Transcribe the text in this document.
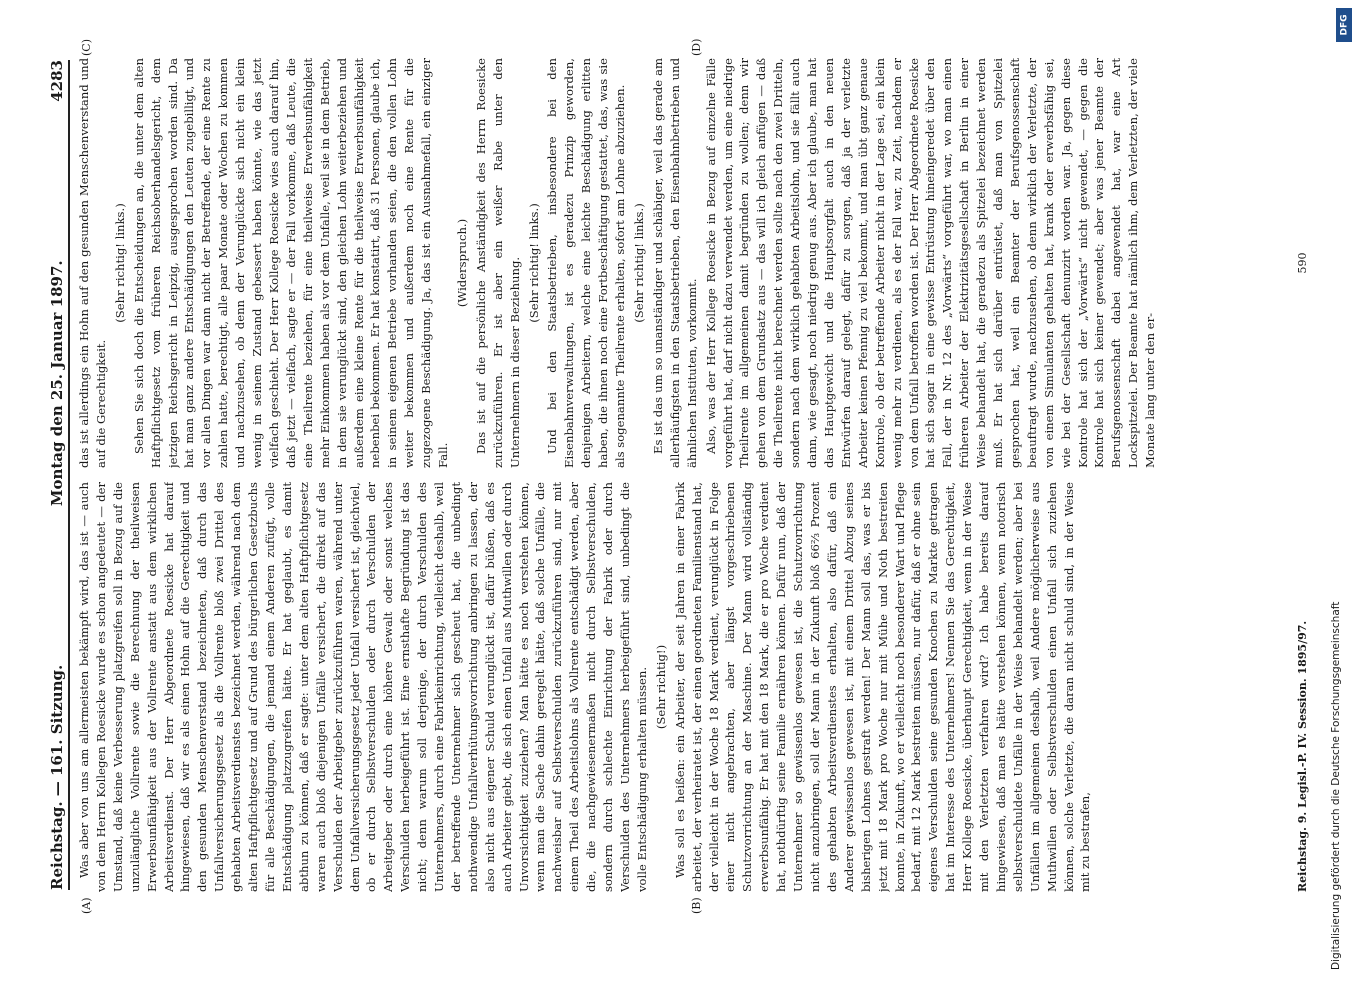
DFG
Reichstag. — 161. Sitzung.
Montag den 25. Januar 1897.
4283
(A)	(B)
(C)	(D)

Was aber von uns am allermeisten bekämpft wird, das ist — auch von dem Herrn Kollegen Roesicke wurde es schon angedeutet — der Umstand, daß keine Verbesserung platzgreifen soll in Bezug auf die unzulängliche Vollrente sowie die Berechnung der theilweisen Erwerbsunfähigkeit aus der Vollrente anstatt aus dem wirklichen Arbeitsverdienst. Der Herr Abgeordnete Roesicke hat darauf hingewiesen, daß wir es als einen Hohn auf die Gerechtigkeit und den gesunden Menschenverstand bezeichneten, daß durch das Unfallversicherungsgesetz als die Vollrente bloß zwei Drittel des gehabten Arbeitsverdienstes bezeichnet werden, während nach dem alten Haftpflichtgesetz und auf Grund des bürgerlichen Gesetzbuchs für alle Beschädigungen, die jemand einem Anderen zufügt, volle Entschädigung platzzugreifen hätte. Er hat geglaubt, es damit abthun zu können, daß er sagte: unter dem alten Haftpflichtgesetz waren auch bloß diejenigen Unfälle versichert, die direkt auf das Verschulden der Arbeitgeber zurückzuführen waren, während unter dem Unfallversicherungsgesetz jeder Unfall versichert ist, gleichviel, ob er durch Selbstverschulden oder durch Verschulden der Arbeitgeber oder durch eine höhere Gewalt oder sonst welches Verschulden herbeigeführt ist. Eine ernsthafte Begründung ist das nicht; denn warum soll derjenige, der durch Verschulden des Unternehmers, durch eine Fabrikeinrichtung, vielleicht deshalb, weil der betreffende Unternehmer sich gescheut hat, die unbedingt nothwendige Unfallverhütungsvorrichtung anbringen zu lassen, der also nicht aus eigener Schuld verunglückt ist, dafür büßen, daß es auch Arbeiter giebt, die sich einen Unfall aus Muthwillen oder durch Unvorsichtigkeit zuziehen? Man hätte es noch verstehen können, wenn man die Sache dahin geregelt hätte, daß solche Unfälle, die nachweisbar auf Selbstverschulden zurückzuführen sind, nur mit einem Theil des Arbeitslohns als Vollrente entschädigt werden, aber die, die nachgewiesenermaßen nicht durch Selbstverschulden, sondern durch schlechte Einrichtung der Fabrik oder durch Verschulden des Unternehmers herbeigeführt sind, unbedingt die volle Entschädigung erhalten müssen. (Sehr richtig!) Was soll es heißen: ein Arbeiter, der seit Jahren in einer Fabrik arbeitet, der verheiratet ist, der einen geordneten Familienstand hat, der vielleicht in der Woche 18 Mark verdient, verunglückt in Folge einer nicht angebrachten, aber längst vorgeschriebenen Schutzvorrichtung an der Maschine. Der Mann wird vollständig erwerbsunfähig. Er hat mit den 18 Mark, die er pro Woche verdient hat, nothdürftig seine Familie ernähren können. Dafür nun, daß der Unternehmer so gewissenlos gewesen ist, die Schutzvorrichtung nicht anzubringen, soll der Mann in der Zukunft bloß 66⅔ Prozent des gehabten Arbeitsverdienstes erhalten, also dafür, daß ein Anderer gewissenlos gewesen ist, mit einem Drittel Abzug seines bisherigen Lohnes gestraft werden! Der Mann soll das, was er bis jetzt mit 18 Mark pro Woche nur mit Mühe und Noth bestreiten konnte, in Zukunft, wo er vielleicht noch besonderer Wart und Pflege bedarf, mit 12 Mark bestreiten müssen, nur dafür, daß er ohne sein eigenes Verschulden seine gesunden Knochen zu Markte getragen hat im Interesse des Unternehmers! Nennen Sie das Gerechtigkeit, Herr Kollege Roesicke, überhaupt Gerechtigkeit, wenn in der Weise mit den Verletzten verfahren wird? Ich habe bereits darauf hingewiesen, daß man es hätte verstehen können, wenn notorisch selbstverschuldete Unfälle in der Weise behandelt werden; aber bei Unfällen im allgemeinen deshalb, weil Andere möglicherweise aus Muthwillen oder Selbstverschulden einen Unfall sich zuziehen können, solche Verletzte, die daran nicht schuld sind, in der Weise mit zu bestrafen,

das ist allerdings ein Hohn auf den gesunden Menschenverstand und auf die Gerechtigkeit.

(Sehr richtig! links.) Sehen Sie sich doch die Entscheidungen an, die unter dem alten Haftpflichtgesetz vom früheren Reichsoberhandelsgericht, dem jetzigen Reichsgericht in Leipzig, ausgesprochen worden sind. Da hat man ganz andere Entschädigungen den Leuten zugebilligt, und vor allen Dingen war dann nicht der Betreffende, der eine Rente zu zahlen hatte, berechtigt, alle paar Monate oder Wochen zu kommen und nachzusehen, ob denn der Verunglückte sich nicht ein klein wenig in seinem Zustand gebessert haben könnte, wie das jetzt vielfach geschieht. Der Herr Kollege Roesicke wies auch darauf hin, daß jetzt — vielfach, sagte er — der Fall vorkomme, daß Leute, die eine Theilrente beziehen, für eine theilweise Erwerbsunfähigkeit mehr Einkommen haben als vor dem Unfalle, weil sie in dem Betrieb, in dem sie verunglückt sind, den gleichen Lohn weiterbeziehen und außerdem eine kleine Rente für die theilweise Erwerbsunfähigkeit nebenbei bekommen. Er hat konstatirt, daß 31 Personen, glaube ich, in seinem eigenen Betriebe vorhanden seien, die den vollen Lohn weiter bekommen und außerdem noch eine Rente für die zugezogene Beschädigung. Ja, das ist ein Ausnahmefall, ein einziger Fall.

(Widerspruch.) Das ist auf die persönliche Anständigkeit des Herrn Roesicke zurückzuführen. Er ist aber ein weißer Rabe unter den Unternehmern in dieser Beziehung. (Sehr richtig! links.) Und bei den Staatsbetrieben, insbesondere bei den Eisenbahnverwaltungen, ist es geradezu Prinzip geworden, denjenigen Arbeitern, welche eine leichte Beschädigung erlitten haben, die ihnen noch eine Fortbeschäftigung gestattet, das, was sie als sogenannte Theilrente erhalten, sofort am Lohne abzuziehen. (Sehr richtig! links.) Es ist das um so unanständiger und schäbiger, weil das gerade am allerhäufigsten in den Staatsbetrieben, den Eisenbahnbetrieben und ähnlichen Instituten, vorkommt. Also, was der Herr Kollege Roesicke in Bezug auf einzelne Fälle vorgeführt hat, darf nicht dazu verwendet werden, um eine niedrige Theilrente im allgemeinen damit begründen zu wollen; denn wir gehen von dem Grundsatz aus — das will ich gleich anfügen — daß die Theilrente nicht berechnet werden sollte nach den zwei Dritteln, sondern nach dem wirklich gehabten Arbeitslohn, und sie fällt auch dann, wie gesagt, noch niedrig genug aus. Aber ich glaube, man hat das Hauptgewicht und die Hauptsorgfalt auch in den neuen Entwürfen darauf gelegt, dafür zu sorgen, daß ja der verletzte Arbeiter keinen Pfennig zu viel bekommt, und man übt ganz genaue Kontrole, ob der betreffende Arbeiter nicht in der Lage sei, ein klein wenig mehr zu verdienen, als es der Fall war, zu Zeit, nachdem er von dem Unfall betroffen worden ist. Der Herr Abgeordnete Roesicke hat sich sogar in eine gewisse Entrüstung hineingeredet über den Fall, der in Nr. 12 des „Vorwärts“ vorgeführt war, wo man einen früheren Arbeiter der Elektrizitätsgesellschaft in Berlin in einer Weise behandelt hat, die geradezu als Spitzelei bezeichnet werden muß. Er hat sich darüber entrüstet, daß man von Spitzelei gesprochen hat, weil ein Beamter der Berufsgenossenschaft beauftragt wurde, nachzusehen, ob denn wirklich der Verletzte, der von einem Simulanten gehalten hat, krank oder erwerbsfähig sei, wie bei der Gesellschaft denunzirt worden war. Ja, gegen diese Kontrole hat sich der „Vorwärts“ nicht gewendet, — gegen die Kontrole hat sich keiner gewendet; aber was jener Beamte der Berufsgenossenschaft dabei angewendet hat, war eine Art Lockspitzelei. Der Beamte hat nämlich ihm, dem Verletzten, der viele Monate lang unter den er-

Reichstag. 9. Legisl.-P. IV. Session. 1895/97.
590
Digitalisierung gefördert durch die Deutsche Forschungsgemeinschaft
